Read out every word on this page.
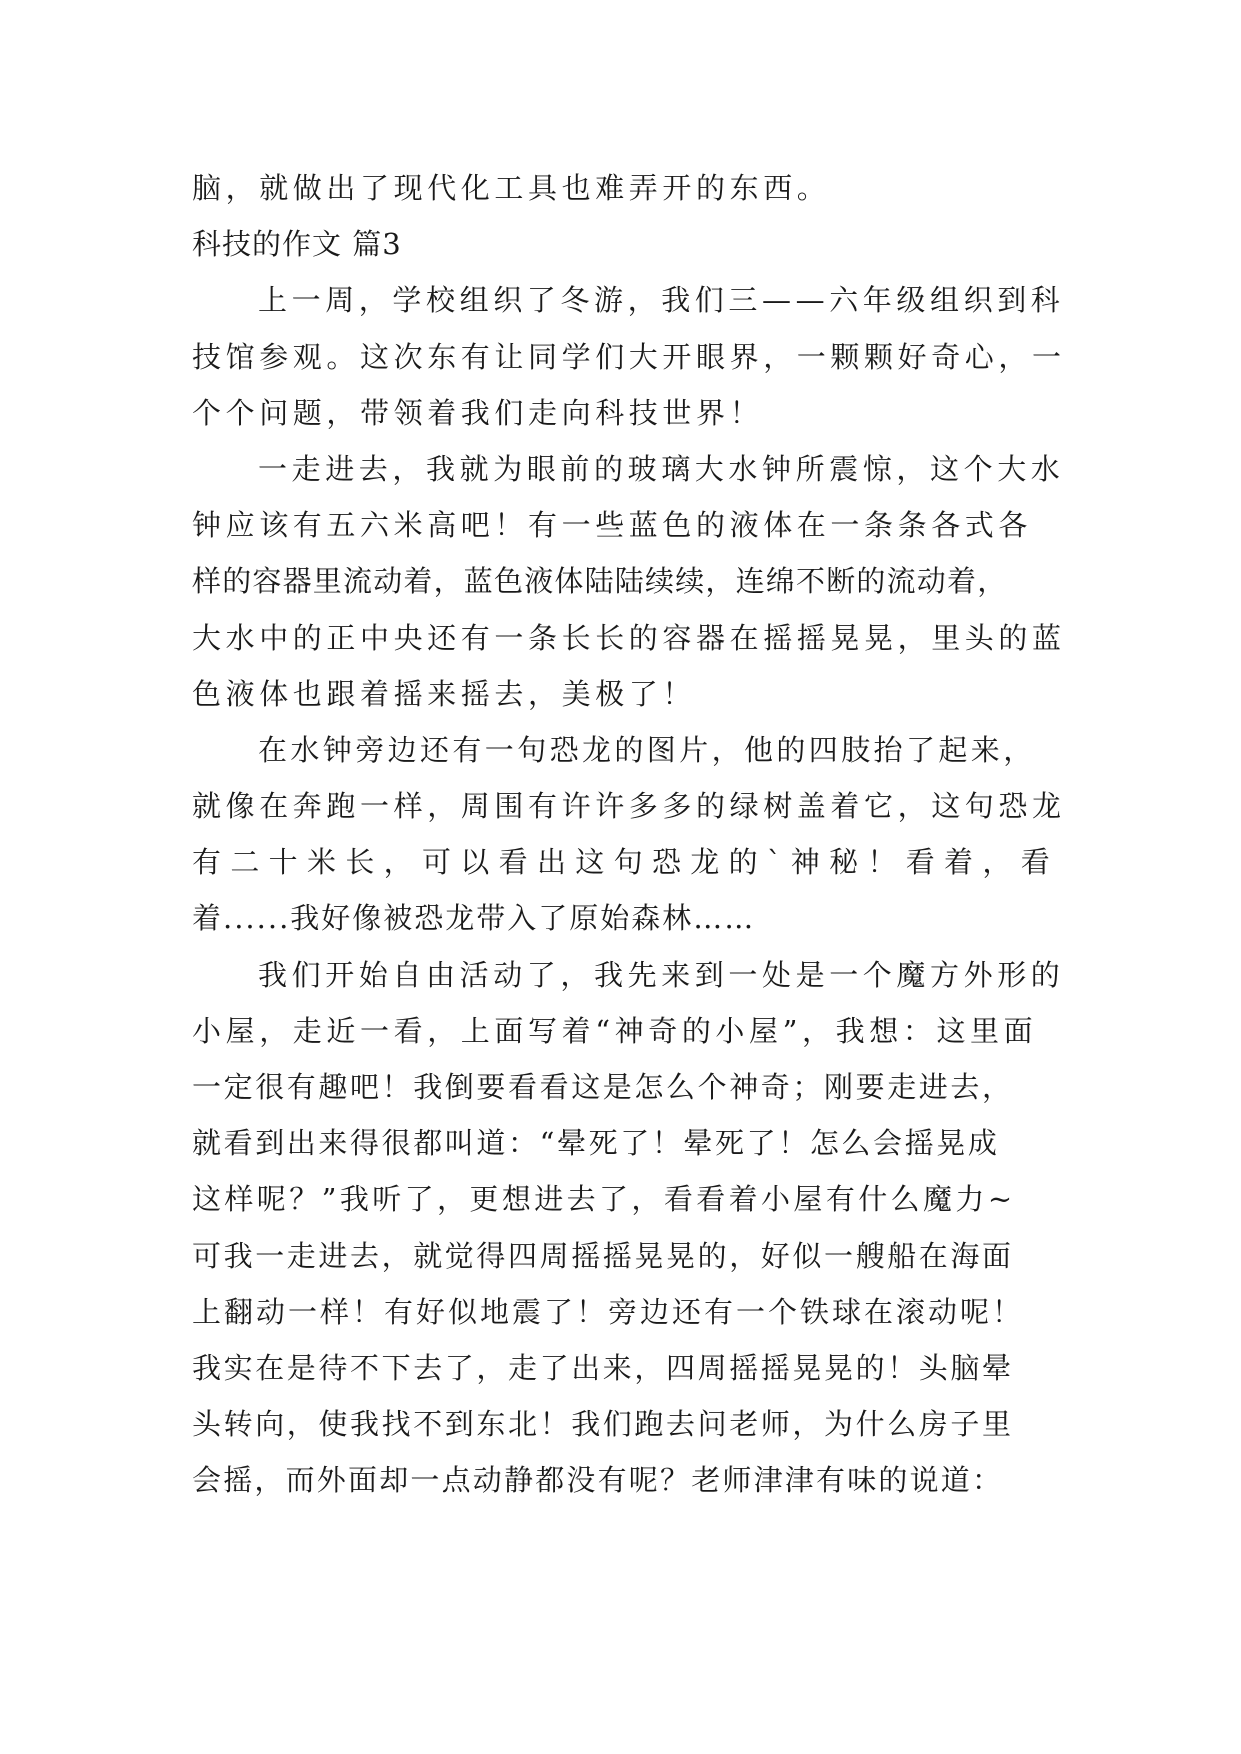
脑，就做出了现代化工具也难弄开的东西。
科技的作文 篇3
上一周，学校组织了冬游，我们三——六年级组织到科
技馆参观。这次东有让同学们大开眼界，一颗颗好奇心，一
个个问题，带领着我们走向科技世界！
一走进去，我就为眼前的玻璃大水钟所震惊，这个大水
钟应该有五六米高吧！有一些蓝色的液体在一条条各式各
样的容器里流动着，蓝色液体陆陆续续，连绵不断的流动着，
大水中的正中央还有一条长长的容器在摇摇晃晃，里头的蓝
色液体也跟着摇来摇去，美极了！
在水钟旁边还有一句恐龙的图片，他的四肢抬了起来，
就像在奔跑一样，周围有许许多多的绿树盖着它，这句恐龙
有 二 十 米 长 ， 可 以 看 出 这 句 恐 龙 的 ` 神 秘 ！ 看 着 ， 看
着......我好像被恐龙带入了原始森林……
我们开始自由活动了，我先来到一处是一个魔方外形的
小屋，走近一看，上面写着“神奇的小屋”，我想：这里面
一定很有趣吧！我倒要看看这是怎么个神奇；刚要走进去，
就看到出来得很都叫道：“晕死了！晕死了！怎么会摇晃成
这样呢？”我听了，更想进去了，看看着小屋有什么魔力~
可我一走进去，就觉得四周摇摇晃晃的，好似一艘船在海面
上翻动一样！有好似地震了！旁边还有一个铁球在滚动呢！
我实在是待不下去了，走了出来，四周摇摇晃晃的！头脑晕
头转向，使我找不到东北！我们跑去问老师，为什么房子里
会摇，而外面却一点动静都没有呢？老师津津有味的说道：
